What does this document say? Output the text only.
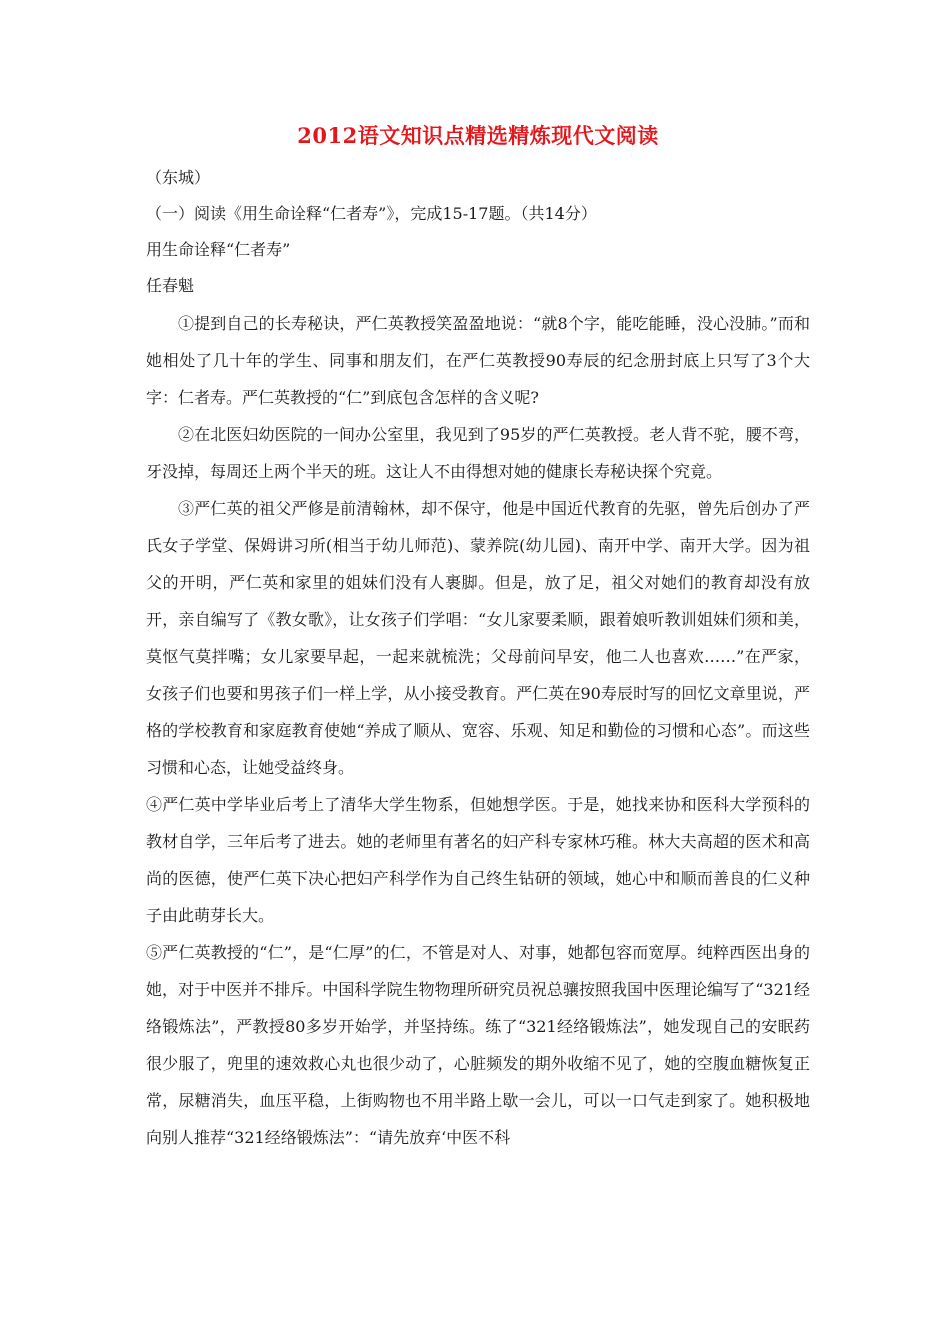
2012语文知识点精选精炼现代文阅读
（东城）
（一）阅读《用生命诠释“仁者寿”》，完成15-17题。（共14分）
用生命诠释“仁者寿”
任春魁

①提到自己的长寿秘诀，严仁英教授笑盈盈地说：“就8个字，能吃能睡，没心没肺。”而和她相处了几十年的学生、同事和朋友们，在严仁英教授90寿辰的纪念册封底上只写了3个大字：仁者寿。严仁英教授的“仁”到底包含怎样的含义呢?

②在北医妇幼医院的一间办公室里，我见到了95岁的严仁英教授。老人背不驼，腰不弯，牙没掉，每周还上两个半天的班。这让人不由得想对她的健康长寿秘诀探个究竟。

③严仁英的祖父严修是前清翰林，却不保守，他是中国近代教育的先驱，曾先后创办了严氏女子学堂、保姆讲习所(相当于幼儿师范)、蒙养院(幼儿园)、南开中学、南开大学。因为祖父的开明，严仁英和家里的姐妹们没有人裹脚。但是，放了足，祖父对她们的教育却没有放开，亲自编写了《教女歌》，让女孩子们学唱：“女儿家要柔顺，跟着娘听教训姐妹们须和美，莫怄气莫拌嘴；女儿家要早起，一起来就梳洗；父母前问早安，他二人也喜欢……”在严家，女孩子们也要和男孩子们一样上学，从小接受教育。严仁英在90寿辰时写的回忆文章里说，严格的学校教育和家庭教育使她“养成了顺从、宽容、乐观、知足和勤俭的习惯和心态”。而这些习惯和心态，让她受益终身。

④严仁英中学毕业后考上了清华大学生物系，但她想学医。于是，她找来协和医科大学预科的教材自学，三年后考了进去。她的老师里有著名的妇产科专家林巧稚。林大夫高超的医术和高尚的医德，使严仁英下决心把妇产科学作为自己终生钻研的领域，她心中和顺而善良的仁义种子由此萌芽长大。

⑤严仁英教授的“仁”，是“仁厚”的仁，不管是对人、对事，她都包容而宽厚。纯粹西医出身的她，对于中医并不排斥。中国科学院生物物理所研究员祝总骧按照我国中医理论编写了“321经络锻炼法”，严教授80多岁开始学，并坚持练。练了“321经络锻炼法”，她发现自己的安眠药很少服了，兜里的速效救心丸也很少动了，心脏频发的期外收缩不见了，她的空腹血糖恢复正常，尿糖消失，血压平稳，上街购物也不用半路上歇一会儿，可以一口气走到家了。她积极地向别人推荐“321经络锻炼法”：“请先放弃‘中医不科
